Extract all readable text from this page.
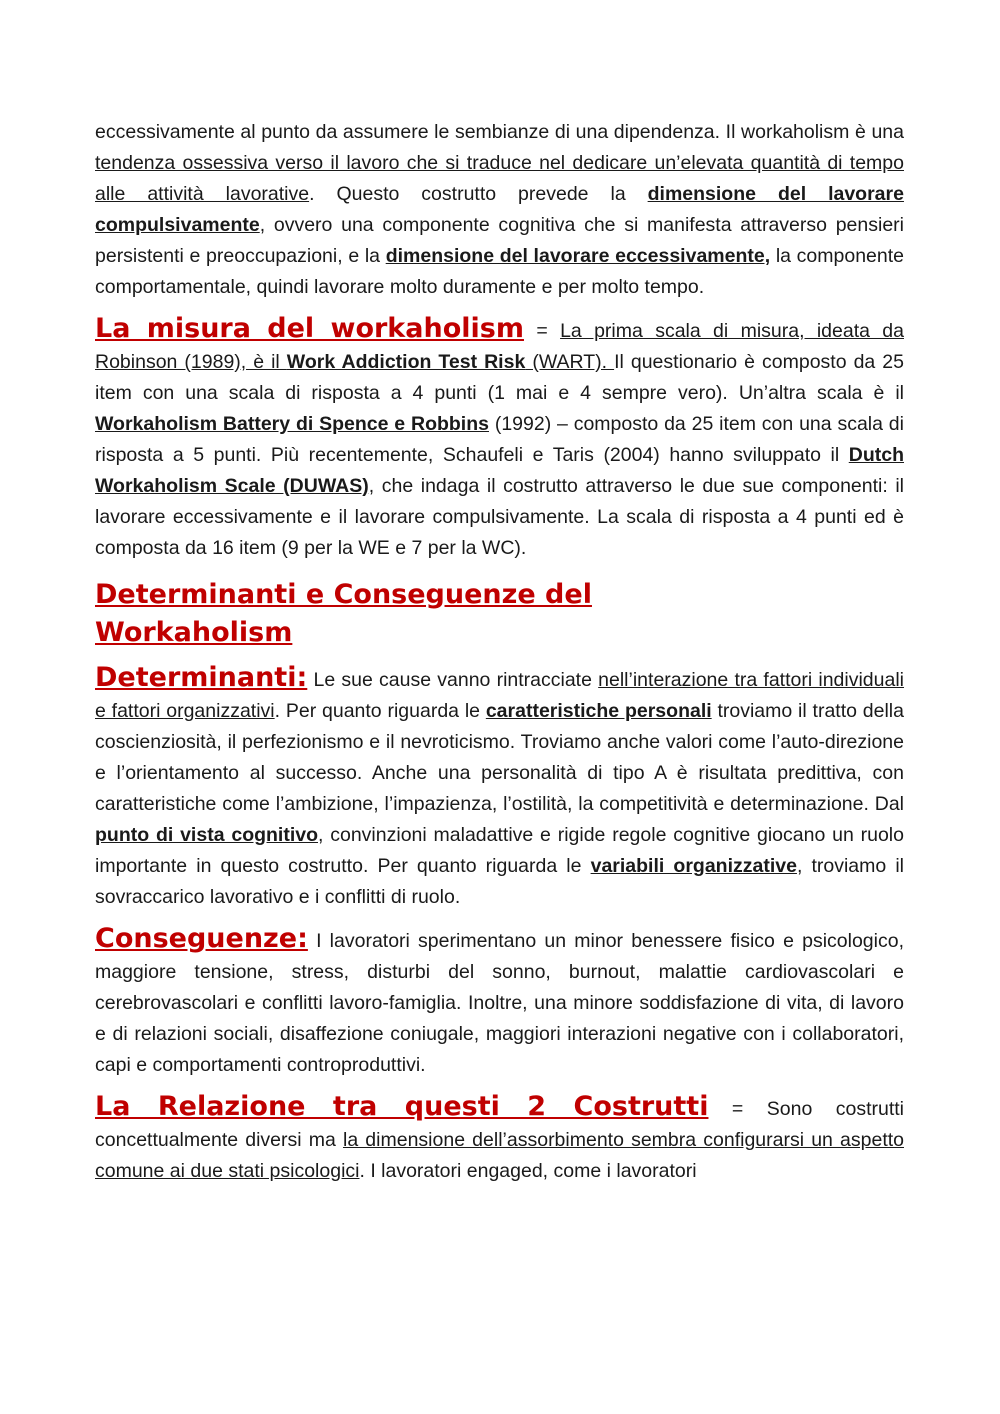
eccessivamente al punto da assumere le sembianze di una dipendenza. Il workaholism è una tendenza ossessiva verso il lavoro che si traduce nel dedicare un’elevata quantità di tempo alle attività lavorative. Questo costrutto prevede la dimensione del lavorare compulsivamente, ovvero una componente cognitiva che si manifesta attraverso pensieri persistenti e preoccupazioni, e la dimensione del lavorare eccessivamente, la componente comportamentale, quindi lavorare molto duramente e per molto tempo.

La misura del workaholism = La prima scala di misura, ideata da Robinson (1989), è il Work Addiction Test Risk (WART). Il questionario è composto da 25 item con una scala di risposta a 4 punti (1 mai e 4 sempre vero). Un’altra scala è il Workaholism Battery di Spence e Robbins (1992) – composto da 25 item con una scala di risposta a 5 punti. Più recentemente, Schaufeli e Taris (2004) hanno sviluppato il Dutch Workaholism Scale (DUWAS), che indaga il costrutto attraverso le due sue componenti: il lavorare eccessivamente e il lavorare compulsivamente. La scala di risposta a 4 punti ed è composta da 16 item (9 per la WE e 7 per la WC).

Determinanti e Conseguenze del
Workaholism

Determinanti: Le sue cause vanno rintracciate nell’interazione tra fattori individuali e fattori organizzativi. Per quanto riguarda le caratteristiche personali troviamo il tratto della coscienziosità, il perfezionismo e il nevroticismo. Troviamo anche valori come l’auto-direzione e l’orientamento al successo. Anche una personalità di tipo A è risultata predittiva, con caratteristiche come l’ambizione, l’impazienza, l’ostilità, la competitività e determinazione. Dal punto di vista cognitivo, convinzioni maladattive e rigide regole cognitive giocano un ruolo importante in questo costrutto. Per quanto riguarda le variabili organizzative, troviamo il sovraccarico lavorativo e i conflitti di ruolo.

Conseguenze: I lavoratori sperimentano un minor benessere fisico e psicologico, maggiore tensione, stress, disturbi del sonno, burnout, malattie cardiovascolari e cerebrovascolari e conflitti lavoro-famiglia. Inoltre, una minore soddisfazione di vita, di lavoro e di relazioni sociali, disaffezione coniugale, maggiori interazioni negative con i collaboratori, capi e comportamenti controproduttivi.

La Relazione tra questi 2 Costrutti = Sono costrutti concettualmente diversi ma la dimensione dell’assorbimento sembra configurarsi un aspetto comune ai due stati psicologici. I lavoratori engaged, come i lavoratori
